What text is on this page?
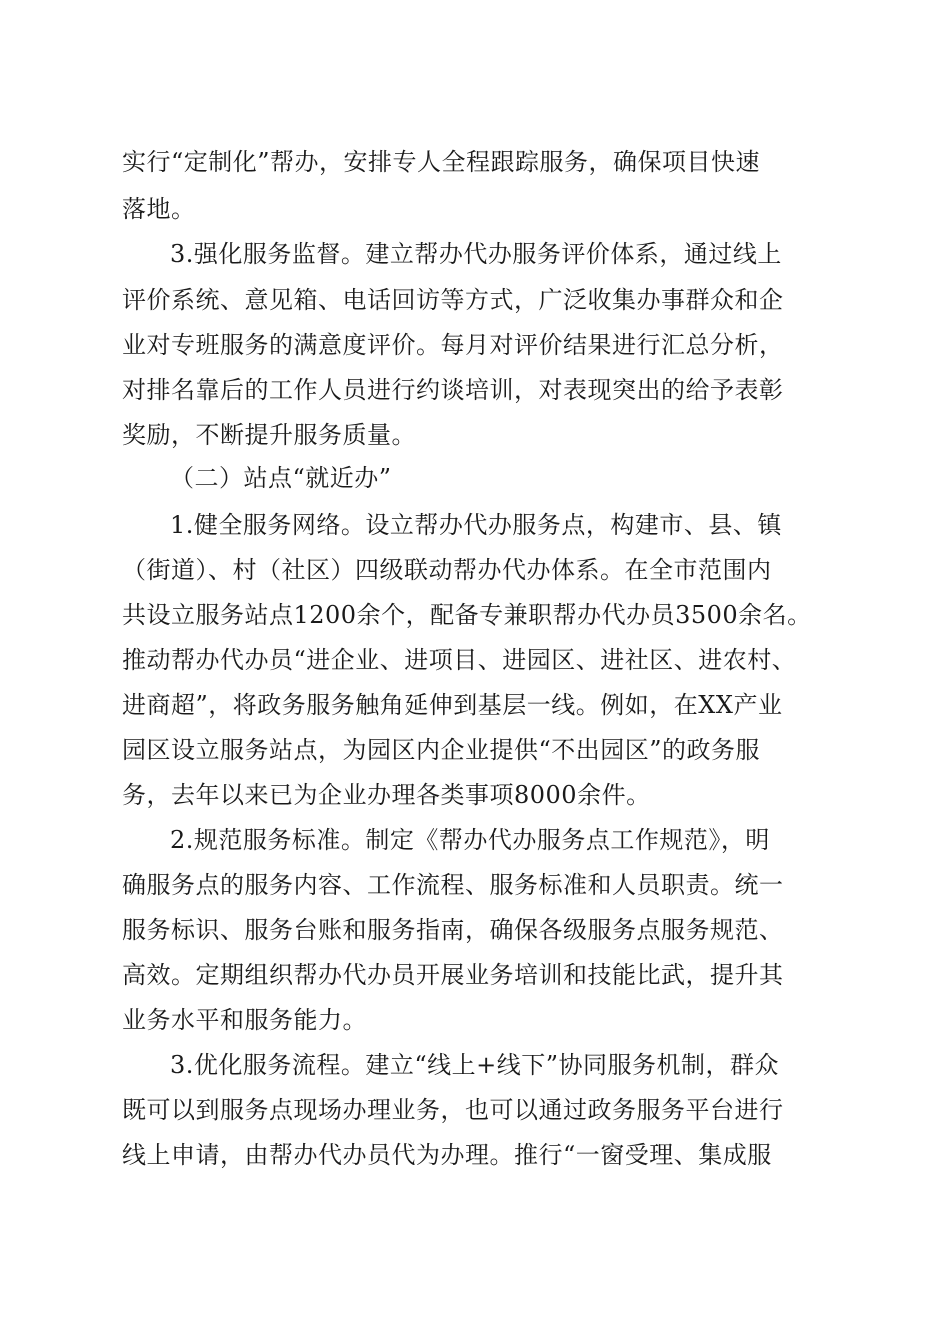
实行“定制化”帮办，安排专人全程跟踪服务，确保项目快速
落地。
3.强化服务监督。建立帮办代办服务评价体系，通过线上
评价系统、意见箱、电话回访等方式，广泛收集办事群众和企
业对专班服务的满意度评价。每月对评价结果进行汇总分析，
对排名靠后的工作人员进行约谈培训，对表现突出的给予表彰
奖励，不断提升服务质量。
（二）站点“就近办”
1.健全服务网络。设立帮办代办服务点，构建市、县、镇
（街道）、村（社区）四级联动帮办代办体系。在全市范围内
共设立服务站点1200余个，配备专兼职帮办代办员3500余名。
推动帮办代办员“进企业、进项目、进园区、进社区、进农村、
进商超”，将政务服务触角延伸到基层一线。例如，在XX产业
园区设立服务站点，为园区内企业提供“不出园区”的政务服
务，去年以来已为企业办理各类事项8000余件。
2.规范服务标准。制定《帮办代办服务点工作规范》，明
确服务点的服务内容、工作流程、服务标准和人员职责。统一
服务标识、服务台账和服务指南，确保各级服务点服务规范、
高效。定期组织帮办代办员开展业务培训和技能比武，提升其
业务水平和服务能力。
3.优化服务流程。建立“线上+线下”协同服务机制，群众
既可以到服务点现场办理业务，也可以通过政务服务平台进行
线上申请，由帮办代办员代为办理。推行“一窗受理、集成服
